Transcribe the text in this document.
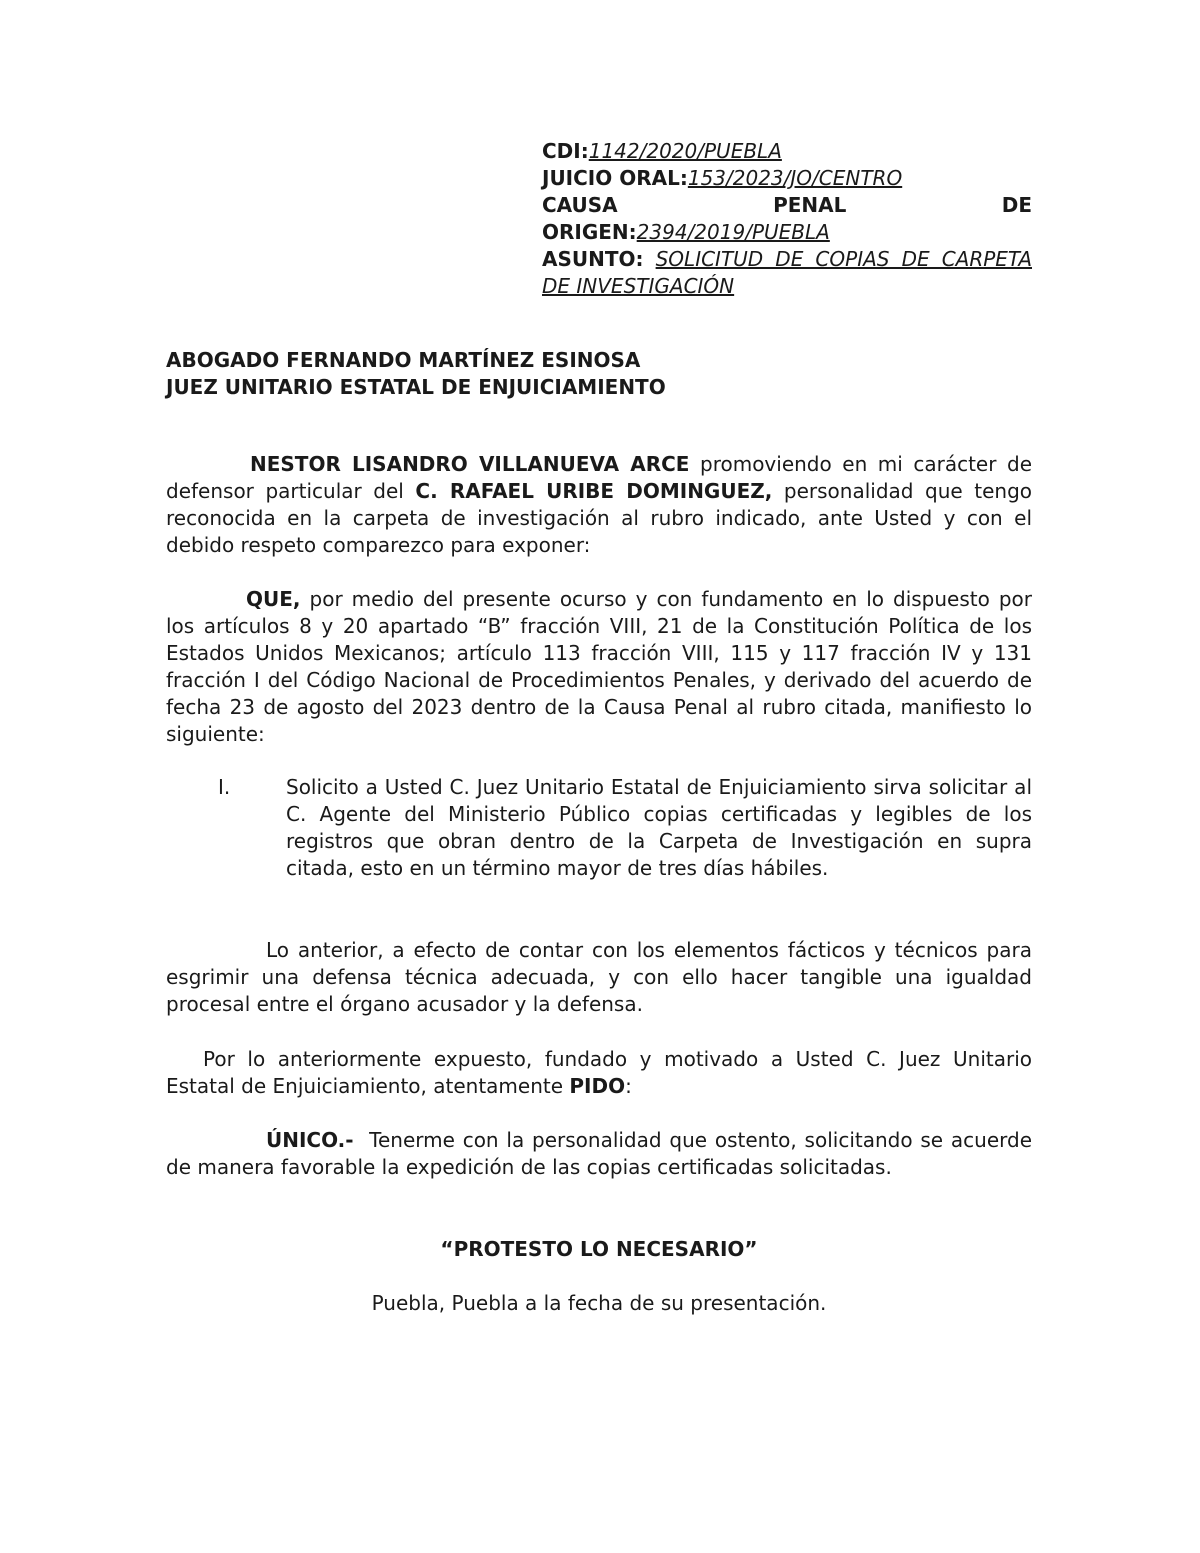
CDI:1142/2020/PUEBLA
JUICIO ORAL:153/2023/JO/CENTRO
CAUSA	PENAL	DE
ORIGEN:2394/2019/PUEBLA
ASUNTO: SOLICITUD DE COPIAS DE CARPETA DE INVESTIGACIÓN
ABOGADO FERNANDO MARTÍNEZ ESINOSA
JUEZ UNITARIO ESTATAL DE ENJUICIAMIENTO

NESTOR LISANDRO VILLANUEVA ARCE promoviendo en mi carácter de defensor particular del C. RAFAEL URIBE DOMINGUEZ, personalidad que tengo reconocida en la carpeta de investigación al rubro indicado, ante Usted y con el debido respeto comparezco para exponer:

QUE, por medio del presente ocurso y con fundamento en lo dispuesto por los artículos 8 y 20 apartado “B” fracción VIII, 21 de la Constitución Política de los Estados Unidos Mexicanos; artículo 113 fracción VIII, 115 y 117 fracción IV y 131 fracción I del Código Nacional de Procedimientos Penales, y derivado del acuerdo de fecha 23 de agosto del 2023 dentro de la Causa Penal al rubro citada, manifiesto lo siguiente:

I.	Solicito a Usted C. Juez Unitario Estatal de Enjuiciamiento sirva solicitar al C. Agente del Ministerio Público copias certificadas y legibles de los registros que obran dentro de la Carpeta de Investigación en supra citada, esto en un término mayor de tres días hábiles.

Lo anterior, a efecto de contar con los elementos fácticos y técnicos para esgrimir una defensa técnica adecuada, y con ello hacer tangible una igualdad procesal entre el órgano acusador y la defensa.

Por lo anteriormente expuesto, fundado y motivado a Usted C. Juez Unitario Estatal de Enjuiciamiento, atentamente PIDO:

ÚNICO.-  Tenerme con la personalidad que ostento, solicitando se acuerde de manera favorable la expedición de las copias certificadas solicitadas.

“PROTESTO LO NECESARIO”
Puebla, Puebla a la fecha de su presentación.
